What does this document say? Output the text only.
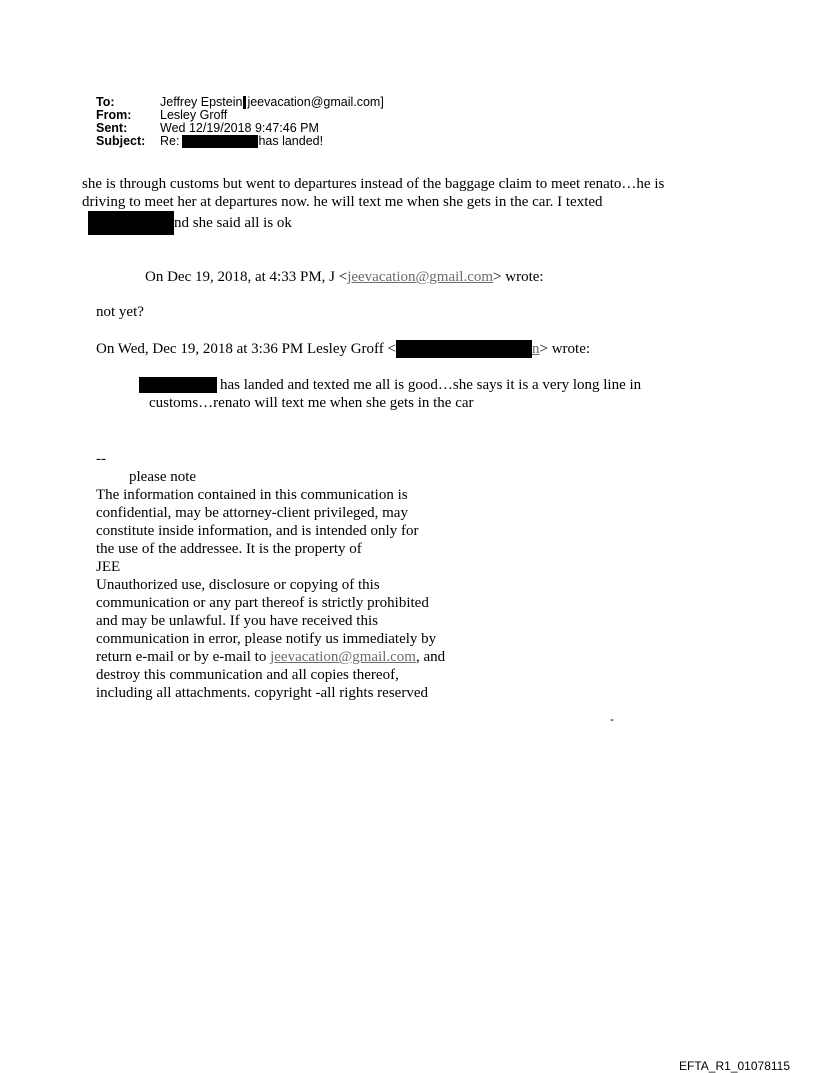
To:	Jeffrey Epstein jeevacation@gmail.com]
From:	Lesley Groff
Sent:	Wed 12/19/2018 9:47:46 PM
Subject:	Re:	has landed!
she is through customs but went to departures instead of the baggage claim to meet renato…he is
driving to meet her at departures now. he will text me when she gets in the car. I texted
nd she said all is ok
On Dec 19, 2018, at 4:33 PM, J <jeevacation@gmail.com> wrote:
not yet?
On Wed, Dec 19, 2018 at 3:36 PM Lesley Groff <	n > wrote:
has landed and texted me all is good…she says it is a very long line in
customs…renato will text me when she gets in the car
--
please note
The information contained in this communication is
confidential, may be attorney-client privileged, may
constitute inside information, and is intended only for
the use of the addressee. It is the property of
JEE
Unauthorized use, disclosure or copying of this
communication or any part thereof is strictly prohibited
and may be unlawful. If you have received this
communication in error, please notify us immediately by
return e-mail or by e-mail to jeevacation@gmail.com, and
destroy this communication and all copies thereof,
including all attachments. copyright -all rights reserved
-
EFTA_R1_01078115
